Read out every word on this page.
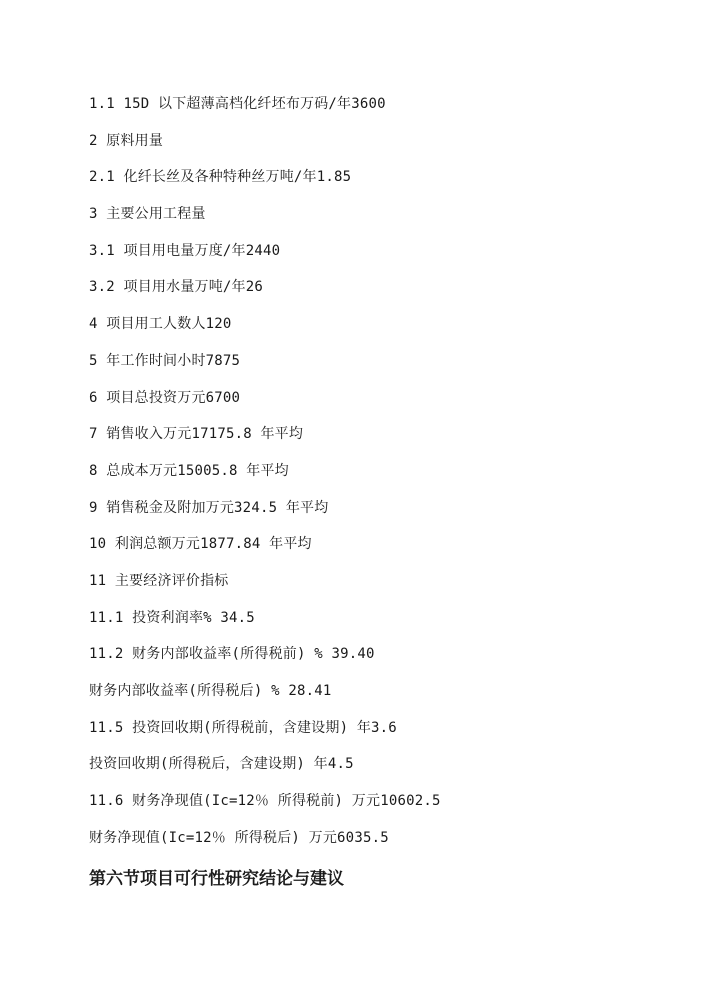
1.1 15D 以下超薄高档化纤坯布万码/年3600
2 原料用量
2.1 化纤长丝及各种特种丝万吨/年1.85
3 主要公用工程量
3.1 项目用电量万度/年2440
3.2 项目用水量万吨/年26
4 项目用工人数人120
5 年工作时间小时7875
6 项目总投资万元6700
7 销售收入万元17175.8 年平均
8 总成本万元15005.8 年平均
9 销售税金及附加万元324.5 年平均
10 利润总额万元1877.84 年平均
11 主要经济评价指标
11.1 投资利润率% 34.5
11.2 财务内部收益率(所得税前) % 39.40
财务内部收益率(所得税后) % 28.41
11.5 投资回收期(所得税前，含建设期) 年3.6
投资回收期(所得税后，含建设期) 年4.5
11.6 财务净现值(Ic=12％ 所得税前) 万元10602.5
财务净现值(Ic=12％ 所得税后) 万元6035.5
第六节项目可行性研究结论与建议
